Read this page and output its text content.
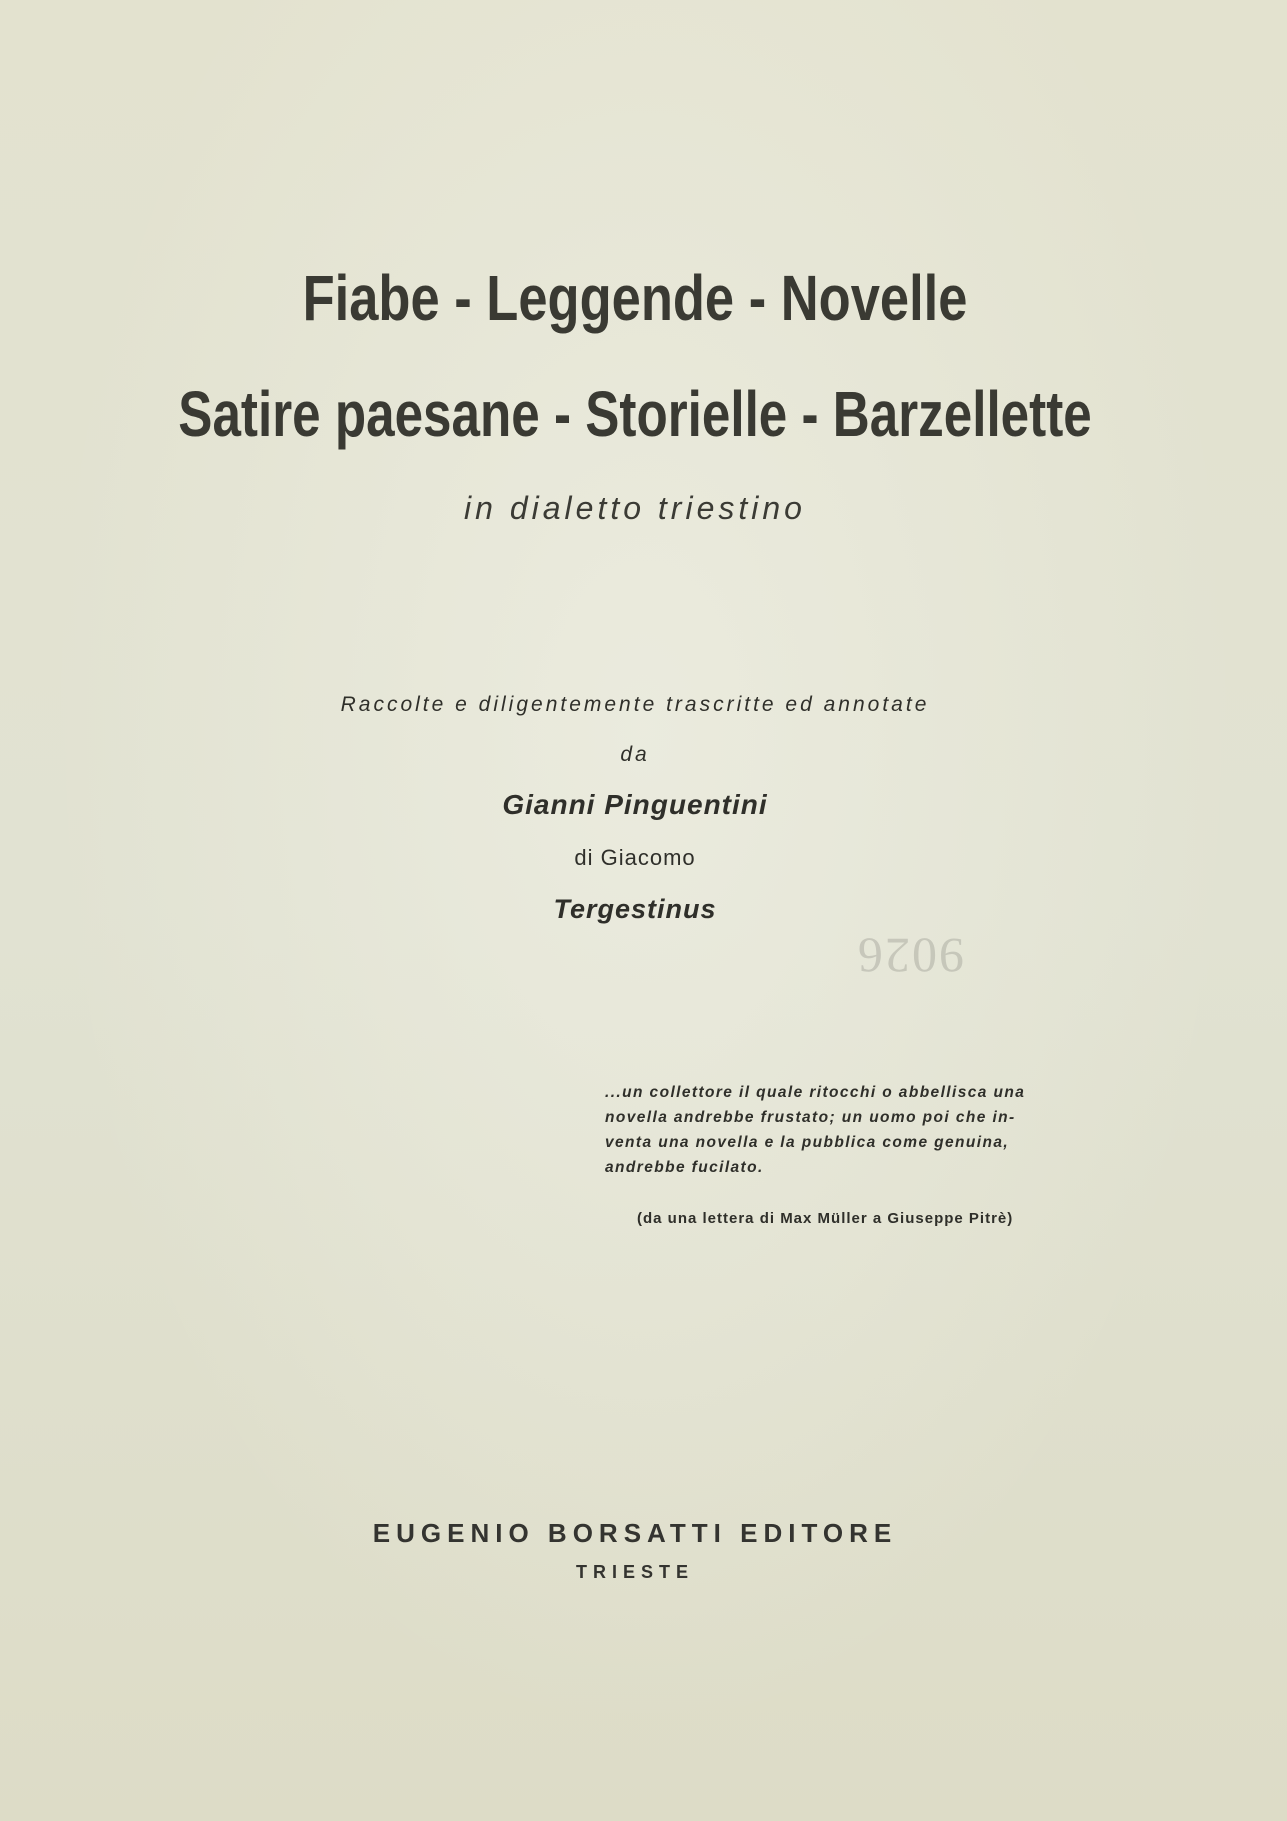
Fiabe - Leggende - Novelle
Satire paesane - Storielle - Barzellette
in dialetto triestino
Raccolte e diligentemente trascritte ed annotate
da
Gianni Pinguentini
di Giacomo
Tergestinus
9026
...un collettore il quale ritocchi o abbellisca una
novella andrebbe frustato; un uomo poi che in-
venta una novella e la pubblica come genuina,
andrebbe fucilato.
(da una lettera di Max Müller a Giuseppe Pitrè)
EUGENIO BORSATTI EDITORE
TRIESTE
